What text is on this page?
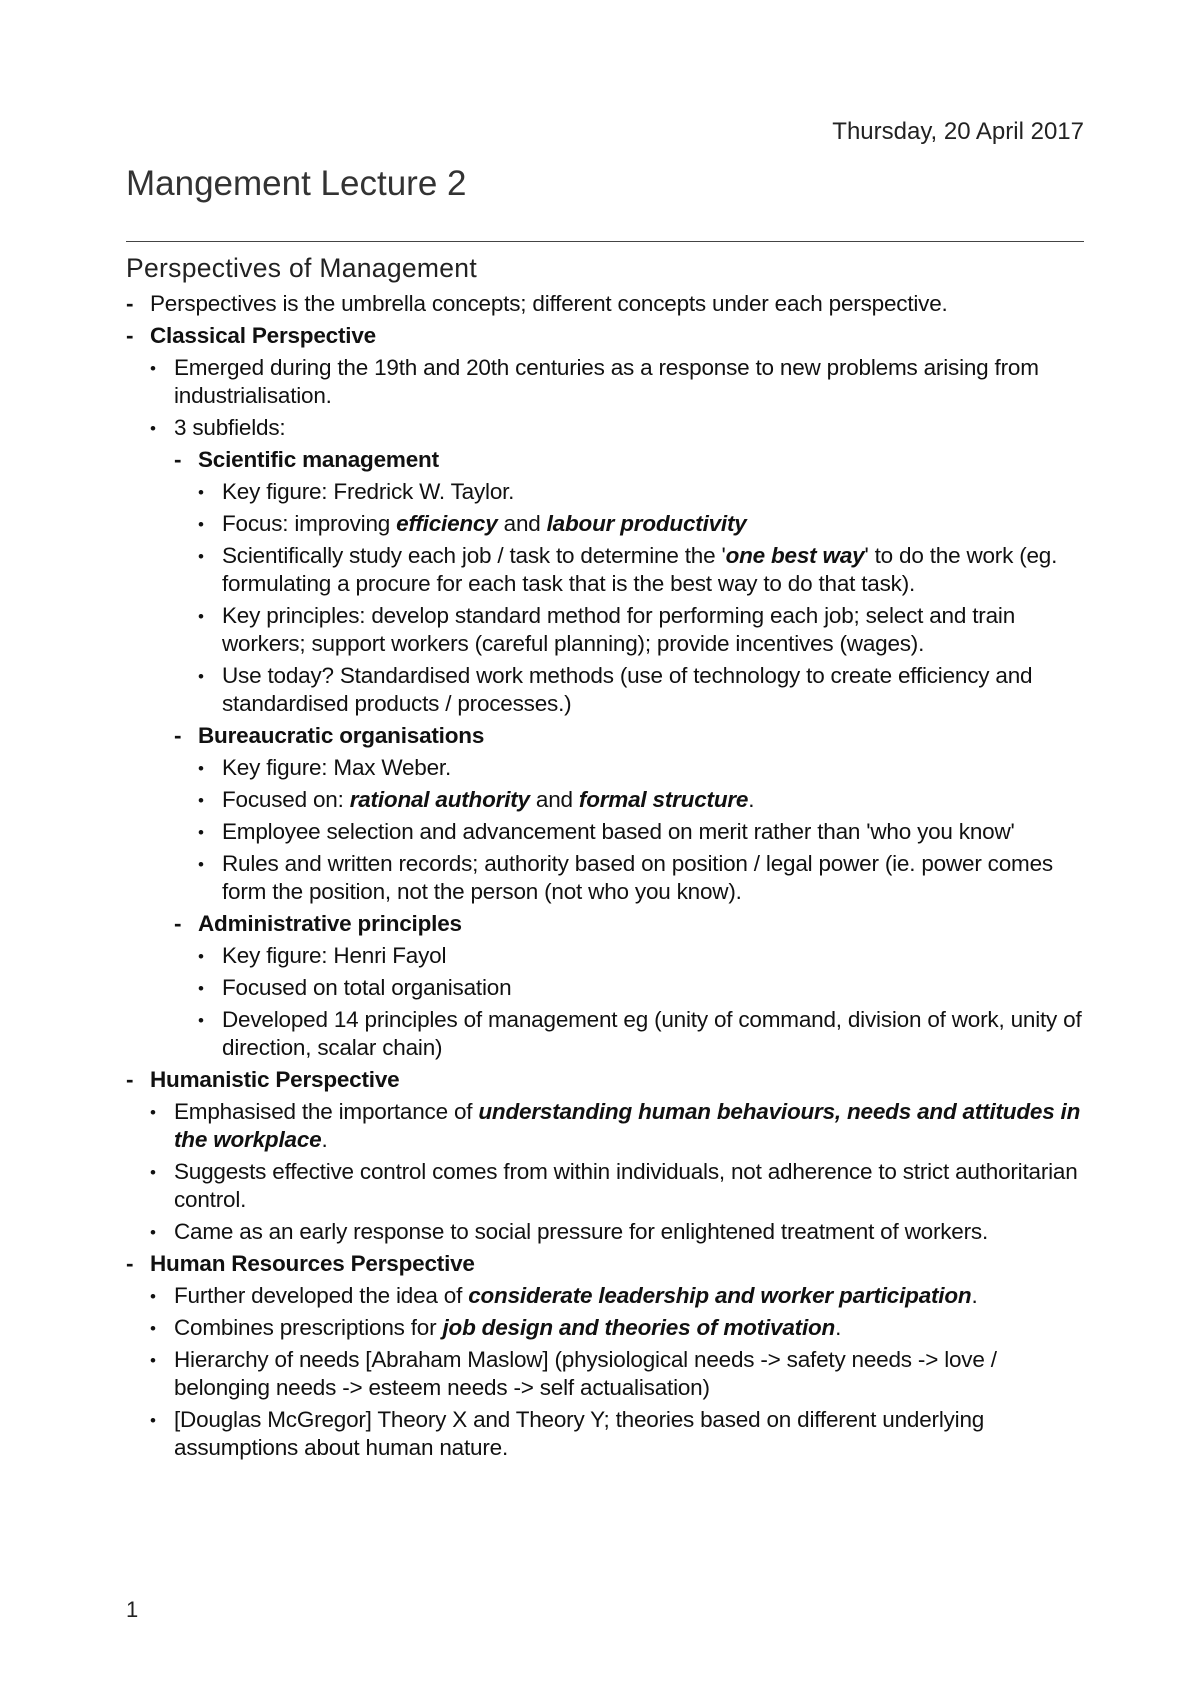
Thursday, 20 April 2017
Mangement Lecture 2
Perspectives of Management
- Perspectives is the umbrella concepts; different concepts under each perspective.
- Classical Perspective
• Emerged during the 19th and 20th centuries as a response to new problems arising from industrialisation.
• 3 subfields:
- Scientific management
• Key figure: Fredrick W. Taylor.
• Focus: improving efficiency and labour productivity
• Scientifically study each job / task to determine the 'one best way' to do the work (eg. formulating a procure for each task that is the best way to do that task).
• Key principles: develop standard method for performing each job; select and train workers; support workers (careful planning); provide incentives (wages).
• Use today? Standardised work methods (use of technology to create efficiency and standardised products / processes.)
- Bureaucratic organisations
• Key figure: Max Weber.
• Focused on: rational authority and formal structure.
• Employee selection and advancement based on merit rather than 'who you know'
• Rules and written records; authority based on position / legal power (ie. power comes form the position, not the person (not who you know).
- Administrative principles
• Key figure: Henri Fayol
• Focused on total organisation
• Developed 14 principles of management eg (unity of command, division of work, unity of direction, scalar chain)
- Humanistic Perspective
• Emphasised the importance of understanding human behaviours, needs and attitudes in the workplace.
• Suggests effective control comes from within individuals, not adherence to strict authoritarian control.
• Came as an early response to social pressure for enlightened treatment of workers.
- Human Resources Perspective
• Further developed the idea of considerate leadership and worker participation.
• Combines prescriptions for job design and theories of motivation.
• Hierarchy of needs [Abraham Maslow] (physiological needs -> safety needs -> love / belonging needs -> esteem needs -> self actualisation)
• [Douglas McGregor] Theory X and Theory Y; theories based on different underlying assumptions about human nature.
1
